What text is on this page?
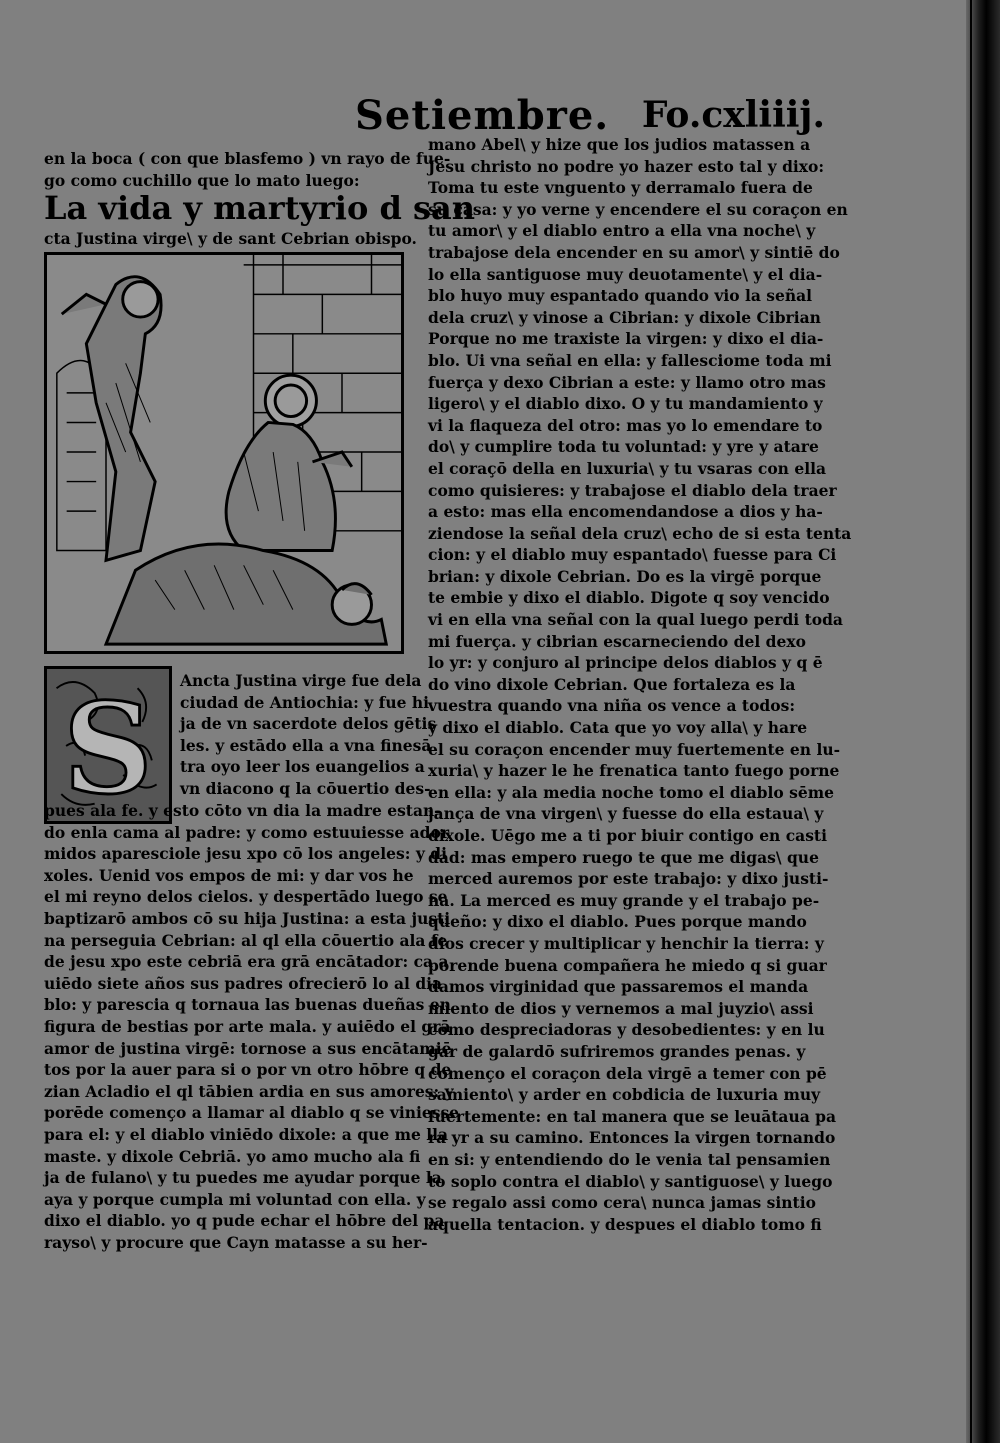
Setiembre. Fo.cxliiij.
en la boca ( con que blasfemo ) vn rayo de fue-
go como cuchillo que lo mato luego:
La vida y martyrio d san
cta Justina virge\ y de sant Cebrian obispo.
S Ancta Justina virge fue dela
ciudad de Antiochia: y fue hi
ja de vn sacerdote delos gētis
les. y estādo ella a vna finesā
tra oyo leer los euangelios a
vn diacono q la cōuertio des-
pues ala fe. y esto cōto vn dia la madre estan-
do enla cama al padre: y como estuuiesse ador
midos aparesciole jesu xpo cō los angeles: y di
xoles. Uenid vos empos de mi: y dar vos he
el mi reyno delos cielos. y despertādo luego se
baptizarō ambos cō su hija Justina: a esta justi
na perseguia Cebrian: al ql ella cōuertio ala fe
de jesu xpo este cebriā era grā encātador: ca a
uiēdo siete años sus padres ofrecierō lo al dia
blo: y parescia q tornaua las buenas dueñas en
figura de bestias por arte mala. y auiēdo el grā
amor de justina virgē: tornose a sus encātamiē
tos por la auer para si o por vn otro hōbre q de
zian Acladio el ql tābien ardia en sus amores: y
porēde començo a llamar al diablo q se viniesse
para el: y el diablo viniēdo dixole: a que me lla
maste. y dixole Cebriā. yo amo mucho ala fi
ja de fulano\ y tu puedes me ayudar porque la
aya y porque cumpla mi voluntad con ella. y
dixo el diablo. yo q pude echar el hōbre del pa
rayso\ y procure que Cayn matasse a su her-
mano Abel\ y hize que los judios matassen a
Jesu christo no podre yo hazer esto tal y dixo:
Toma tu este vnguento y derramalo fuera de
su casa: y yo verne y encendere el su coraçon en
tu amor\ y el diablo entro a ella vna noche\ y
trabajose dela encender en su amor\ y sintiē do
lo ella santiguose muy deuotamente\ y el dia-
blo huyo muy espantado quando vio la señal
dela cruz\ y vinose a Cibrian: y dixole Cibrian
Porque no me traxiste la virgen: y dixo el dia-
blo. Ui vna señal en ella: y fallesciome toda mi
fuerça y dexo Cibrian a este: y llamo otro mas
ligero\ y el diablo dixo. O y tu mandamiento y
vi la flaqueza del otro: mas yo lo emendare to
do\ y cumplire toda tu voluntad: y yre y atare
el coraçō della en luxuria\ y tu vsaras con ella
como quisieres: y trabajose el diablo dela traer
a esto: mas ella encomendandose a dios y ha-
ziendose la señal dela cruz\ echo de si esta tenta
cion: y el diablo muy espantado\ fuesse para Ci
brian: y dixole Cebrian. Do es la virgē porque
te embie y dixo el diablo. Digote q soy vencido
vi en ella vna señal con la qual luego perdi toda
mi fuerça. y cibrian escarneciendo del dexo
lo yr: y conjuro al principe delos diablos y q ē
do vino dixole Cebrian. Que fortaleza es la
vuestra quando vna niña os vence a todos:
y dixo el diablo. Cata que yo voy alla\ y hare
el su coraçon encender muy fuertemente en lu-
xuria\ y hazer le he frenatica tanto fuego porne
en ella: y ala media noche tomo el diablo sēme
jança de vna virgen\ y fuesse do ella estaua\ y
dixole. Uēgo me a ti por biuir contigo en casti
dad: mas empero ruego te que me digas\ que
merced auremos por este trabajo: y dixo justi-
na. La merced es muy grande y el trabajo pe-
queño: y dixo el diablo. Pues porque mando
dios crecer y multiplicar y henchir la tierra: y
porende buena compañera he miedo q si guar
damos virginidad que passaremos el manda
miento de dios y vernemos a mal juyzio\ assi
como despreciadoras y desobedientes: y en lu
gar de galardō sufriremos grandes penas. y
començo el coraçon dela virgē a temer con pē
samiento\ y arder en cobdicia de luxuria muy
fuertemente: en tal manera que se leuātaua pa
ra yr a su camino. Entonces la virgen tornando
en si: y entendiendo do le venia tal pensamien
to soplo contra el diablo\ y santiguose\ y luego
se regalo assi como cera\ nunca jamas sintio
aquella tentacion. y despues el diablo tomo fi
